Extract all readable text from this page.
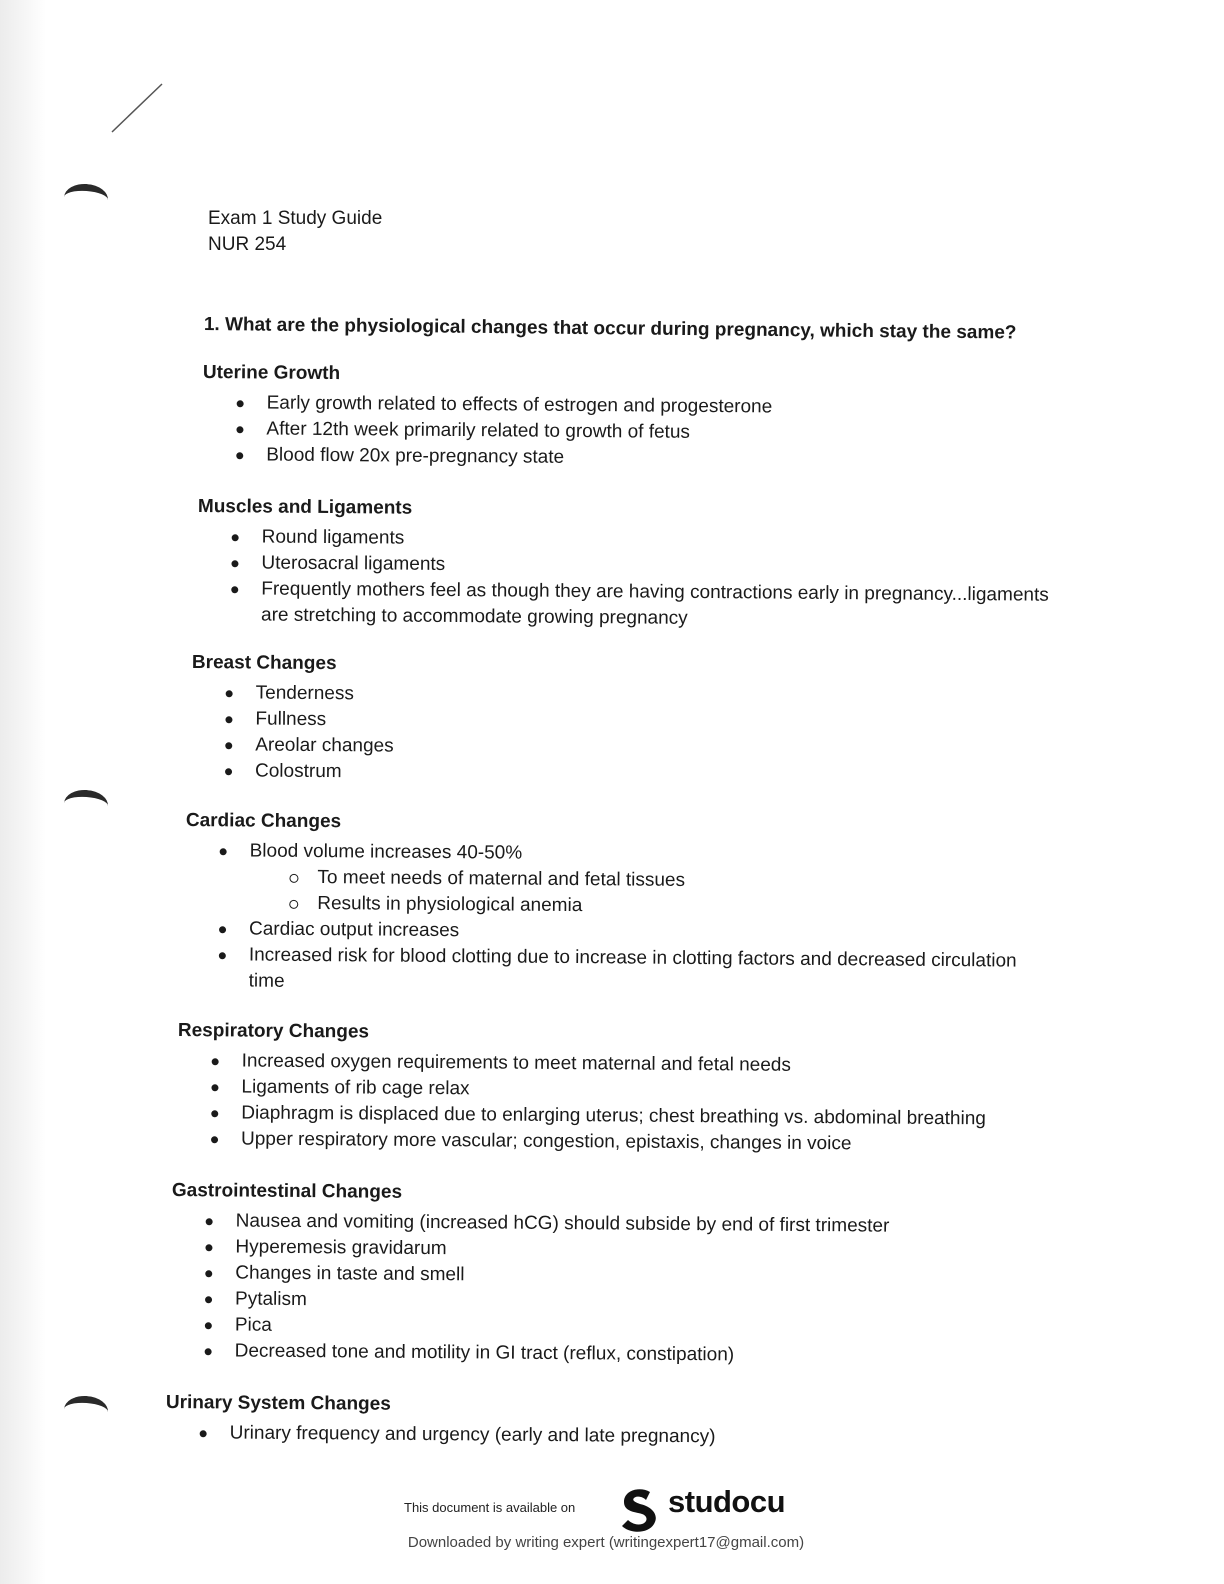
Exam 1 Study Guide
NUR 254
1. What are the physiological changes that occur during pregnancy, which stay the same?
Uterine Growth
Early growth related to effects of estrogen and progesterone
After 12th week primarily related to growth of fetus
Blood flow 20x pre-pregnancy state
Muscles and Ligaments
Round ligaments
Uterosacral ligaments
Frequently mothers feel as though they are having contractions early in pregnancy...ligaments are stretching to accommodate growing pregnancy
Breast Changes
Tenderness
Fullness
Areolar changes
Colostrum
Cardiac Changes
Blood volume increases 40-50%
To meet needs of maternal and fetal tissues
Results in physiological anemia
Cardiac output increases
Increased risk for blood clotting due to increase in clotting factors and decreased circulation time
Respiratory Changes
Increased oxygen requirements to meet maternal and fetal needs
Ligaments of rib cage relax
Diaphragm is displaced due to enlarging uterus; chest breathing vs. abdominal breathing
Upper respiratory more vascular; congestion, epistaxis, changes in voice
Gastrointestinal Changes
Nausea and vomiting (increased hCG) should subside by end of first trimester
Hyperemesis gravidarum
Changes in taste and smell
Pytalism
Pica
Decreased tone and motility in GI tract (reflux, constipation)
Urinary System Changes
Urinary frequency and urgency (early and late pregnancy)
This document is available on	studocu
Downloaded by writing expert (writingexpert17@gmail.com)
